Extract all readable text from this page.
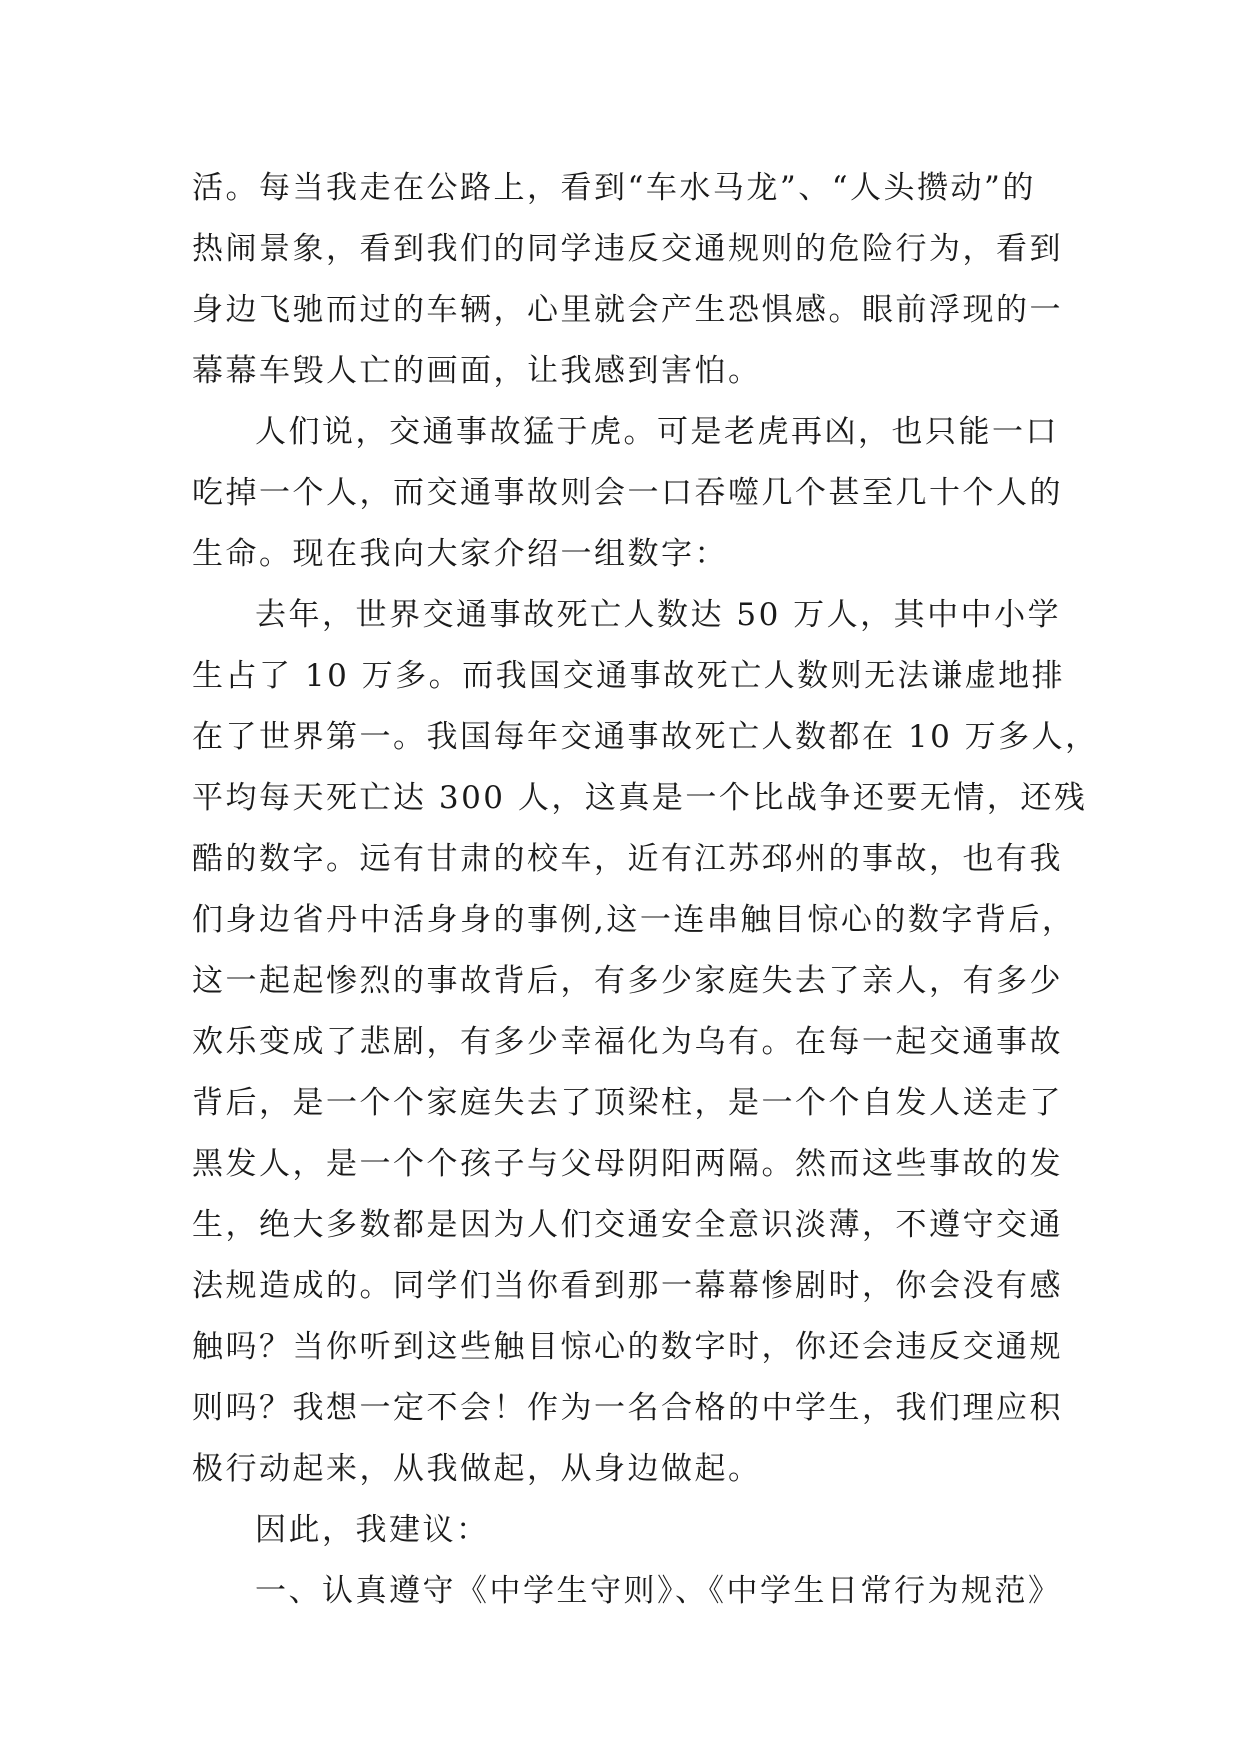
活。每当我走在公路上，看到“车水马龙”、“人头攒动”的
热闹景象，看到我们的同学违反交通规则的危险行为，看到
身边飞驰而过的车辆，心里就会产生恐惧感。眼前浮现的一
幕幕车毁人亡的画面，让我感到害怕。
人们说，交通事故猛于虎。可是老虎再凶，也只能一口
吃掉一个人，而交通事故则会一口吞噬几个甚至几十个人的
生命。现在我向大家介绍一组数字：
去年，世界交通事故死亡人数达 50 万人，其中中小学
生占了 10 万多。而我国交通事故死亡人数则无法谦虚地排
在了世界第一。我国每年交通事故死亡人数都在 10 万多人，
平均每天死亡达 300 人，这真是一个比战争还要无情，还残
酷的数字。远有甘肃的校车，近有江苏邳州的事故，也有我
们身边省丹中活身身的事例,这一连串触目惊心的数字背后，
这一起起惨烈的事故背后，有多少家庭失去了亲人，有多少
欢乐变成了悲剧，有多少幸福化为乌有。在每一起交通事故
背后，是一个个家庭失去了顶梁柱，是一个个自发人送走了
黑发人，是一个个孩子与父母阴阳两隔。然而这些事故的发
生，绝大多数都是因为人们交通安全意识淡薄，不遵守交通
法规造成的。同学们当你看到那一幕幕惨剧时，你会没有感
触吗？当你听到这些触目惊心的数字时，你还会违反交通规
则吗？我想一定不会！作为一名合格的中学生，我们理应积
极行动起来，从我做起，从身边做起。
因此，我建议：
一、认真遵守《中学生守则》、《中学生日常行为规范》
